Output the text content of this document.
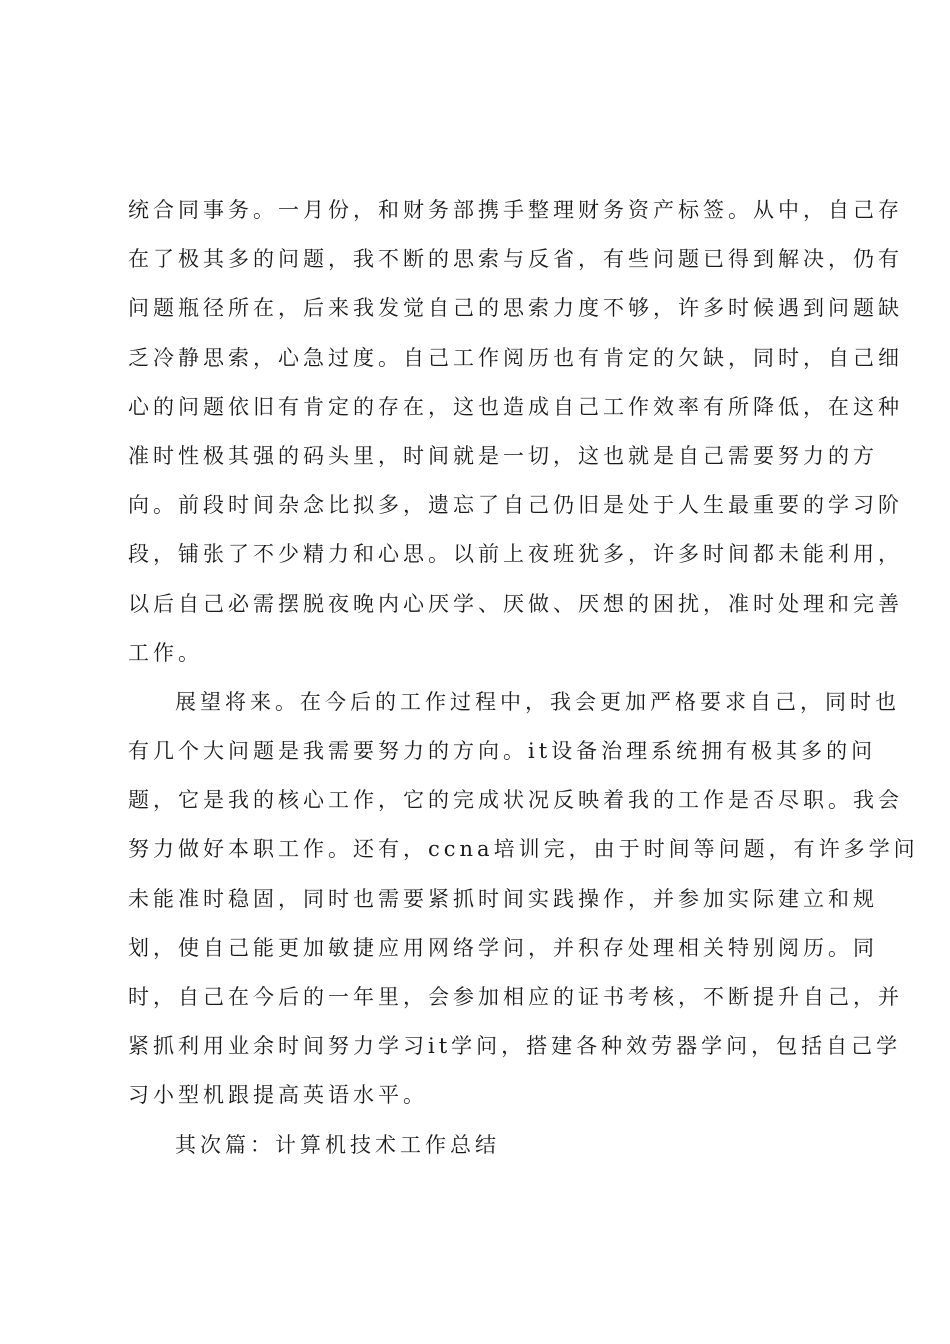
统合同事务。一月份，和财务部携手整理财务资产标签。从中，自己存
在了极其多的问题，我不断的思索与反省，有些问题已得到解决，仍有
问题瓶径所在，后来我发觉自己的思索力度不够，许多时候遇到问题缺
乏冷静思索，心急过度。自己工作阅历也有肯定的欠缺，同时，自己细
心的问题依旧有肯定的存在，这也造成自己工作效率有所降低，在这种
准时性极其强的码头里，时间就是一切，这也就是自己需要努力的方
向。前段时间杂念比拟多，遗忘了自己仍旧是处于人生最重要的学习阶
段，铺张了不少精力和心思。以前上夜班犹多，许多时间都未能利用，
以后自己必需摆脱夜晚内心厌学、厌做、厌想的困扰，准时处理和完善
工作。
展望将来。在今后的工作过程中，我会更加严格要求自己，同时也
有几个大问题是我需要努力的方向。it设备治理系统拥有极其多的问
题，它是我的核心工作，它的完成状况反映着我的工作是否尽职。我会
努力做好本职工作。还有，ccna培训完，由于时间等问题，有许多学问
未能准时稳固，同时也需要紧抓时间实践操作，并参加实际建立和规
划，使自己能更加敏捷应用网络学问，并积存处理相关特别阅历。同
时，自己在今后的一年里，会参加相应的证书考核，不断提升自己，并
紧抓利用业余时间努力学习it学问，搭建各种效劳器学问，包括自己学
习小型机跟提高英语水平。
其次篇：计算机技术工作总结
